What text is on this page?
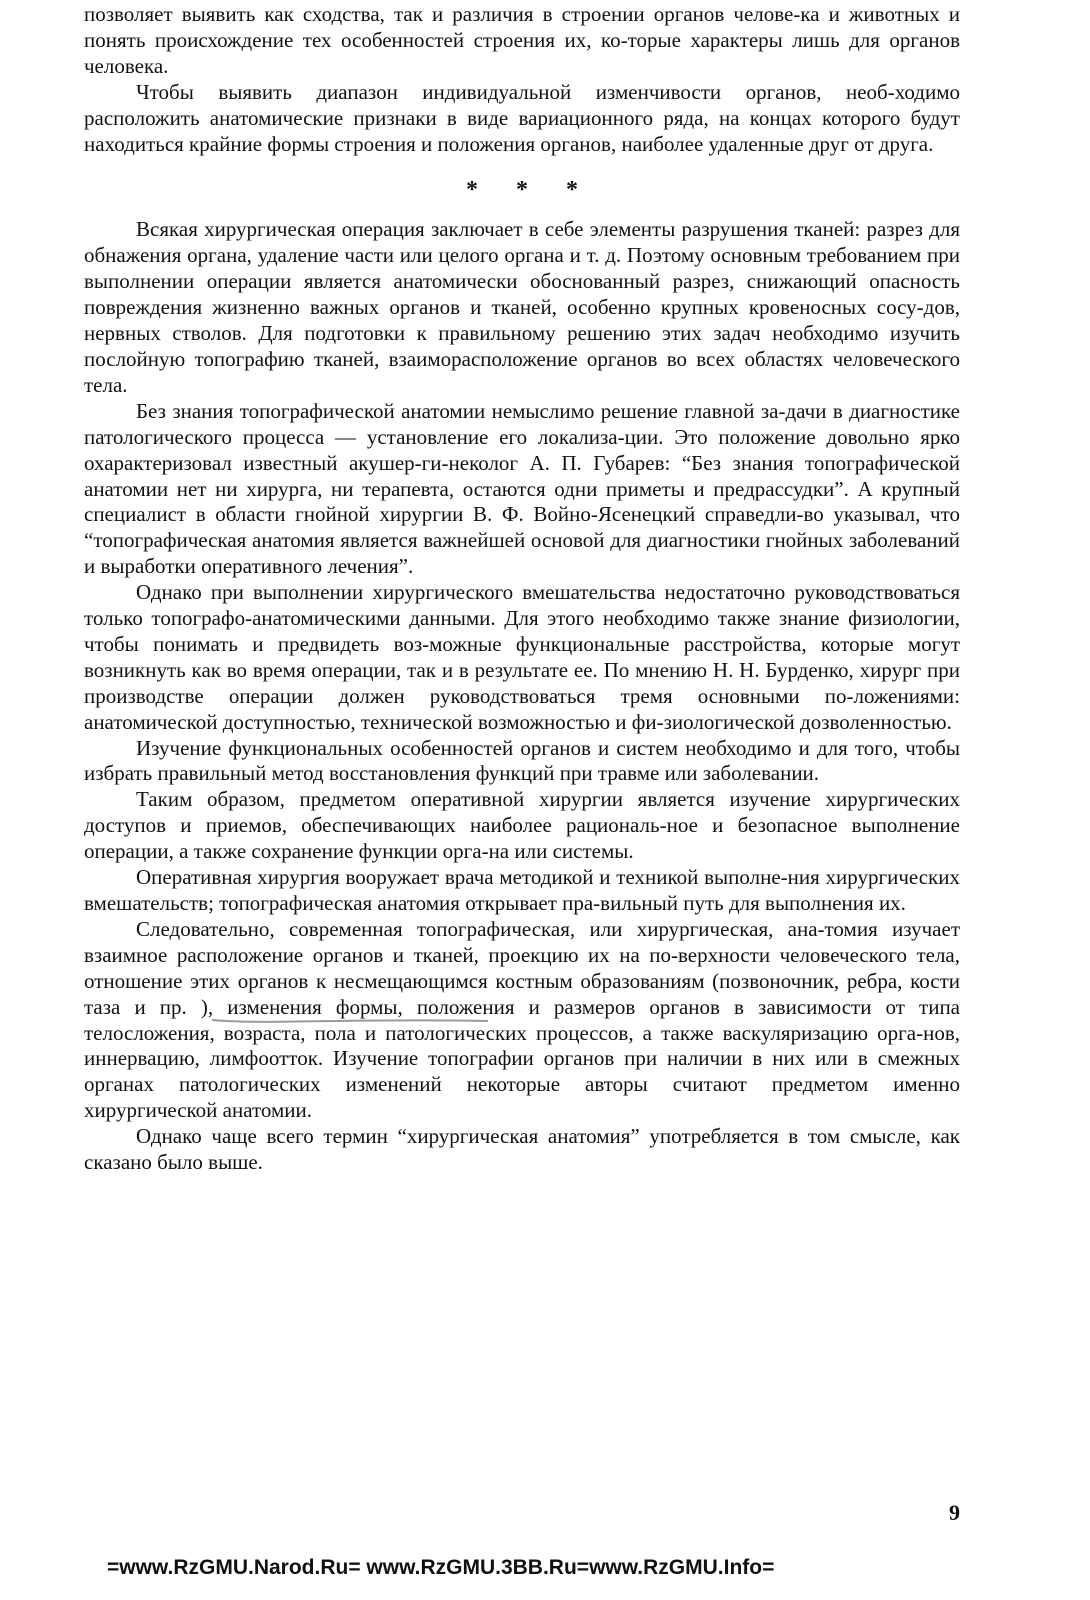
позволяет выявить как сходства, так и различия в строении органов челове-ка и животных и понять происхождение тех особенностей строения их, ко-торые характеры лишь для органов человека.

Чтобы выявить диапазон индивидуальной изменчивости органов, необ-ходимо расположить анатомические признаки в виде вариационного ряда, на концах которого будут находиться крайние формы строения и положения органов, наиболее удаленные друг от друга.

* * *

Всякая хирургическая операция заключает в себе элементы разрушения тканей: разрез для обнажения органа, удаление части или целого органа и т. д. Поэтому основным требованием при выполнении операции является анатомически обоснованный разрез, снижающий опасность повреждения жизненно важных органов и тканей, особенно крупных кровеносных сосу-дов, нервных стволов. Для подготовки к правильному решению этих задач необходимо изучить послойную топографию тканей, взаиморасположение органов во всех областях человеческого тела.

Без знания топографической анатомии немыслимо решение главной за-дачи в диагностике патологического процесса — установление его локализа-ции. Это положение довольно ярко охарактеризовал известный акушер-ги-неколог А. П. Губарев: “Без знания топографической анатомии нет ни хирурга, ни терапевта, остаются одни приметы и предрассудки”. А крупный специалист в области гнойной хирургии В. Ф. Войно-Ясенецкий справедли-во указывал, что “топографическая анатомия является важнейшей основой для диагностики гнойных заболеваний и выработки оперативного лечения”.

Однако при выполнении хирургического вмешательства недостаточно руководствоваться только топографо-анатомическими данными. Для этого необходимо также знание физиологии, чтобы понимать и предвидеть воз-можные функциональные расстройства, которые могут возникнуть как во время операции, так и в результате ее. По мнению Н. Н. Бурденко, хирург при производстве операции должен руководствоваться тремя основными по-ложениями: анатомической доступностью, технической возможностью и фи-зиологической дозволенностью.

Изучение функциональных особенностей органов и систем необходимо и для того, чтобы избрать правильный метод восстановления функций при травме или заболевании.

Таким образом, предметом оперативной хирургии является изучение хирургических доступов и приемов, обеспечивающих наиболее рациональ-ное и безопасное выполнение операции, а также сохранение функции орга-на или системы.

Оперативная хирургия вооружает врача методикой и техникой выполне-ния хирургических вмешательств; топографическая анатомия открывает пра-вильный путь для выполнения их.

Следовательно, современная топографическая, или хирургическая, ана-томия изучает взаимное расположение органов и тканей, проекцию их на по-верхности человеческого тела, отношение этих органов к несмещающимся костным образованиям (позвоночник, ребра, кости таза и пр. ), изменения формы, положения и размеров органов в зависимости от типа телосложения, возраста, пола и патологических процессов, а также васкуляризацию орга-нов, иннервацию, лимфоотток. Изучение топографии органов при наличии в них или в смежных органах патологических изменений некоторые авторы считают предметом именно хирургической анатомии.

Однако чаще всего термин “хирургическая анатомия” употребляется в том смысле, как сказано было выше.

9
=www.RzGMU.Narod.Ru= www.RzGMU.3BB.Ru=www.RzGMU.Info=
